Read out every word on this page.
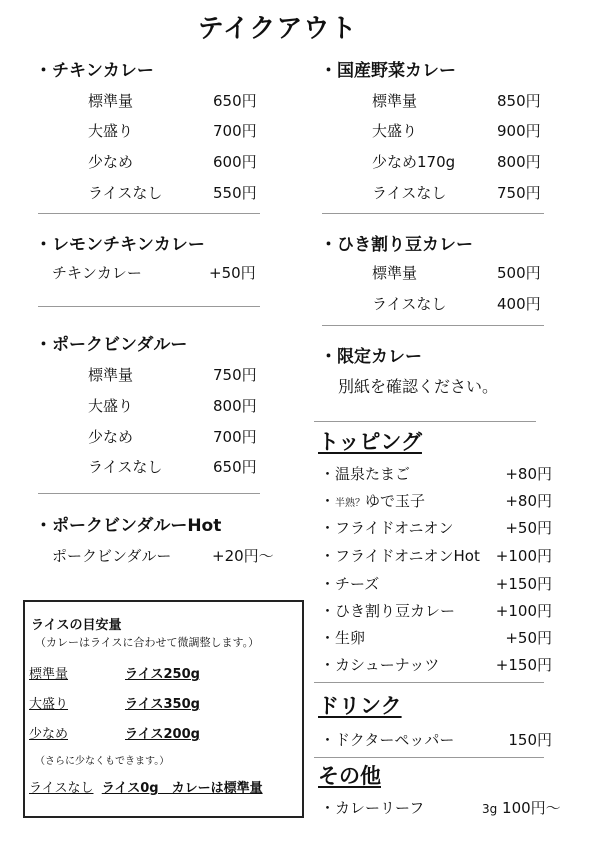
テイクアウト
・チキンカレー
標準量	650円
大盛り	700円
少なめ	600円
ライスなし	550円
・レモンチキンカレー
チキンカレー	+50円
・ポークビンダルー
標準量	750円
大盛り	800円
少なめ	700円
ライスなし	650円
・ポークビンダルーHot
ポークビンダルー	+20円〜
ライスの目安量
（カレーはライスに合わせて微調整します。）
標準量	ライス250g
大盛り	ライス350g
少なめ	ライス200g
（さらに少なくもできます。）
ライスなし ライス0g　カレーは標準量
・国産野菜カレー
標準量	850円
大盛り	900円
少なめ170g	800円
ライスなし	750円
・ひき割り豆カレー
標準量	500円
ライスなし	400円
・限定カレー
別紙を確認ください。
トッピング
・温泉たまご	+80円
・半熟？ゆで玉子	+80円
・フライドオニオン	+50円
・フライドオニオンHot +100円
・チーズ	+150円
・ひき割り豆カレー	+100円
・生卵	+50円
・カシューナッツ	+150円
ドリンク
・ドクターペッパー	150円
その他
・カレーリーフ	3g 100円〜
